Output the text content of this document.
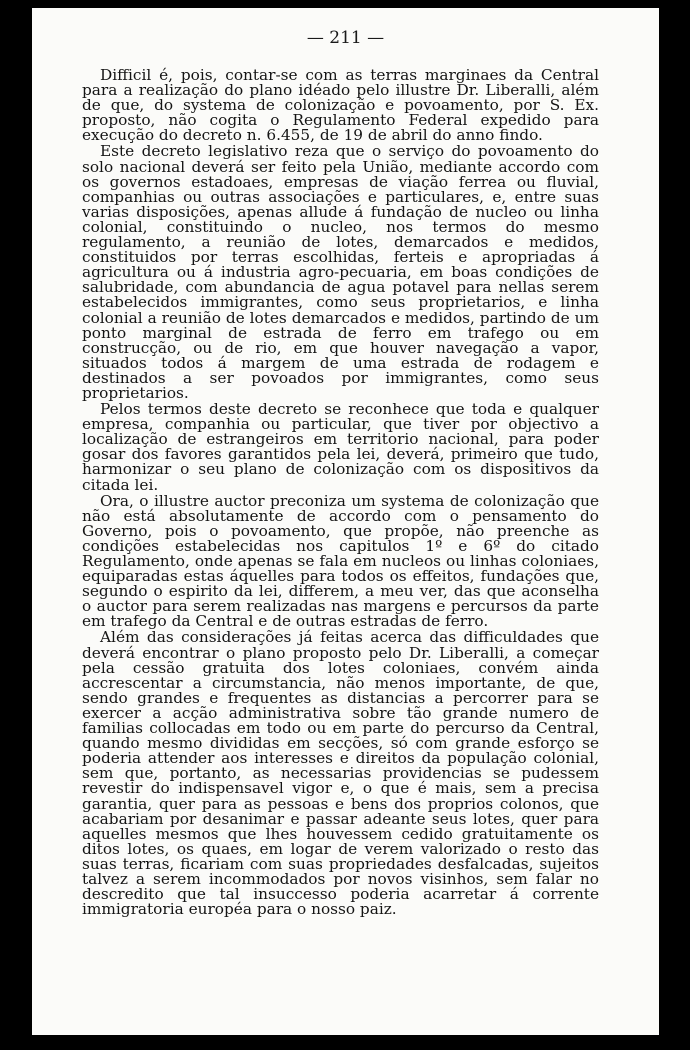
— 211 —

Difficil é, pois, contar-se com as terras marginaes da Central para a realização do plano idéado pelo illustre Dr. Liberalli, além de que, do systema de colonização e povoamento, por S. Ex. proposto, não cogita o Regulamento Federal expedido para execução do decreto n. 6.455, de 19 de abril do anno findo.

Este decreto legislativo reza que o serviço do povoamento do solo nacional deverá ser feito pela União, mediante accordo com os governos estadoaes, empresas de viação ferrea ou fluvial, companhias ou outras associações e particulares, e, entre suas varias disposições, apenas allude á fundação de nucleo ou linha colonial, constituindo o nucleo, nos termos do mesmo regulamento, a reunião de lotes, demarcados e medidos, constituidos por terras escolhidas, ferteis e apropriadas á agricultura ou á industria agro-pecuaria, em boas condições de salubridade, com abundancia de agua potavel para nellas serem estabelecidos immigrantes, como seus proprietarios, e linha colonial a reunião de lotes demarcados e medidos, partindo de um ponto marginal de estrada de ferro em trafego ou em construcção, ou de rio, em que houver navegação a vapor, situados todos á margem de uma estrada de rodagem e destinados a ser povoados por immigrantes, como seus proprietarios.

Pelos termos deste decreto se reconhece que toda e qualquer empresa, companhia ou particular, que tiver por objectivo a localização de estrangeiros em territorio nacional, para poder gosar dos favores garantidos pela lei, deverá, primeiro que tudo, harmonizar o seu plano de colonização com os dispositivos da citada lei.

Ora, o illustre auctor preconiza um systema de colonização que não está absolutamente de accordo com o pensamento do Governo, pois o povoamento, que propõe, não preenche as condições estabelecidas nos capitulos 1º e 6º do citado Regulamento, onde apenas se fala em nucleos ou linhas coloniaes, equiparadas estas áquelles para todos os effeitos, fundações que, segundo o espirito da lei, differem, a meu ver, das que aconselha o auctor para serem realizadas nas margens e percursos da parte em trafego da Central e de outras estradas de ferro.

Além das considerações já feitas acerca das difficuldades que deverá encontrar o plano proposto pelo Dr. Liberalli, a começar pela cessão gratuita dos lotes coloniaes, convém ainda accrescentar a circumstancia, não menos importante, de que, sendo grandes e frequentes as distancias a percorrer para se exercer a acção administrativa sobre tão grande numero de familias collocadas em todo ou em parte do percurso da Central, quando mesmo divididas em secções, só com grande esforço se poderia attender aos interesses e direitos da população colonial, sem que, portanto, as necessarias providencias se pudessem revestir do indispensavel vigor e, o que é mais, sem a precisa garantia, quer para as pessoas e bens dos proprios colonos, que acabariam por desanimar e passar adeante seus lotes, quer para aquelles mesmos que lhes houvessem cedido gratuitamente os ditos lotes, os quaes, em logar de verem valorizado o resto das suas terras, ficariam com suas propriedades desfalcadas, sujeitos talvez a serem incommodados por novos visinhos, sem falar no descredito que tal insuccesso poderia acarretar á corrente immigratoria européa para o nosso paiz.
